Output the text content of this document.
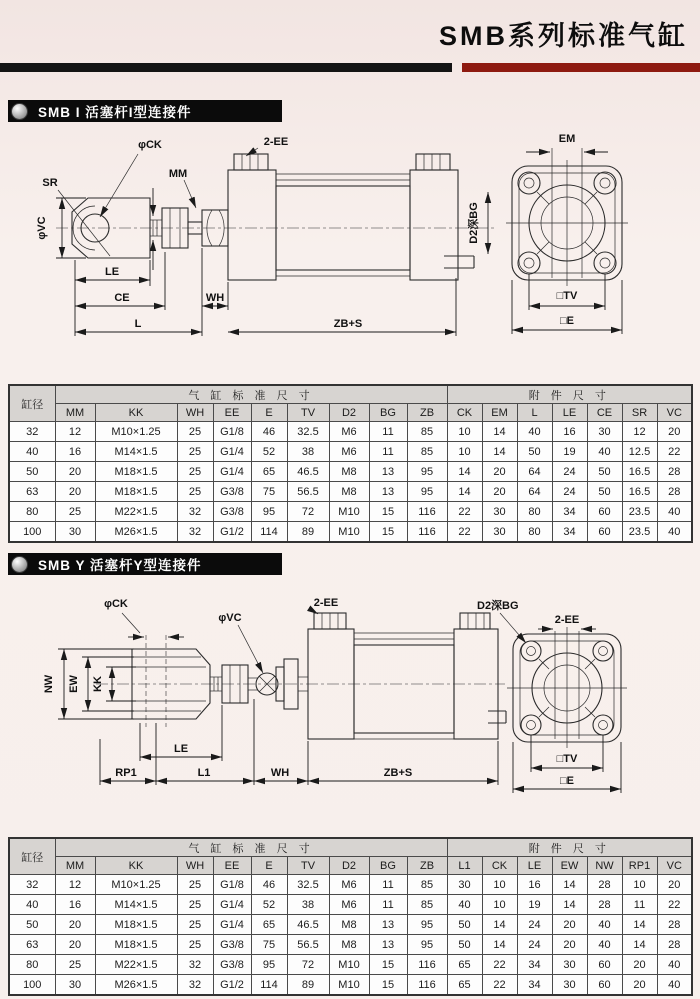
SMB系列标准气缸
SMB I 活塞杆I型连接件
φCK
SR
φVC
MM
2-EE	EM
D2深BG
LE
CE	WH
L	ZB+S
□TV
□E
缸径	气 缸 标 准 尺 寸									附 件 尺 寸						
	MM	KK	WH	EE	E	TV	D2	BG	ZB	CK	EM	L	LE	CE	SR	VC
32	12	M10×1.25	25	G1/8	46	32.5	M6	11	85	10	14	40	16	30	12	20
40	16	M14×1.5	25	G1/4	52	38	M6	11	85	10	14	50	19	40	12.5	22
50	20	M18×1.5	25	G1/4	65	46.5	M8	13	95	14	20	64	24	50	16.5	28
63	20	M18×1.5	25	G3/8	75	56.5	M8	13	95	14	20	64	24	50	16.5	28
80	25	M22×1.5	32	G3/8	95	72	M10	15	116	22	30	80	34	60	23.5	40
100	30	M26×1.5	32	G1/2	114	89	M10	15	116	22	30	80	34	60	23.5	40
SMB Y 活塞杆Y型连接件
φCK
φVC
NW EW KK
LE
RP1	L1	WH
2-EE
ZB+S
D2深BG
2-EE
□TV
□E
缸径	气 缸 标 准 尺 寸									附 件 尺 寸						
	MM	KK	WH	EE	E	TV	D2	BG	ZB	L1	CK	LE	EW	NW	RP1	VC
32	12	M10×1.25	25	G1/8	46	32.5	M6	11	85	30	10	16	14	28	10	20
40	16	M14×1.5	25	G1/4	52	38	M6	11	85	40	10	19	14	28	11	22
50	20	M18×1.5	25	G1/4	65	46.5	M8	13	95	50	14	24	20	40	14	28
63	20	M18×1.5	25	G3/8	75	56.5	M8	13	95	50	14	24	20	40	14	28
80	25	M22×1.5	32	G3/8	95	72	M10	15	116	65	22	34	30	60	20	40
100	30	M26×1.5	32	G1/2	114	89	M10	15	116	65	22	34	30	60	20	40
